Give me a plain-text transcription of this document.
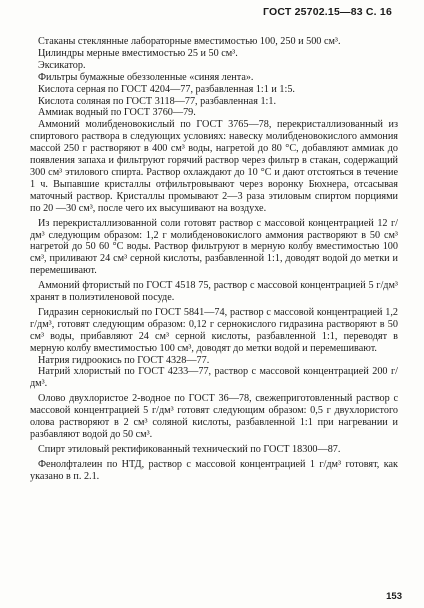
ГОСТ 25702.15—83 С. 16

Стаканы стеклянные лабораторные вместимостью 100, 250 и 500 см³.

Цилиндры мерные вместимостью 25 и 50 см³.

Эксикатор.

Фильтры бумажные обеззоленные «синяя лента».

Кислота серная по ГОСТ 4204—77, разбавленная 1:1 и 1:5.

Кислота соляная по ГОСТ 3118—77, разбавленная 1:1.

Аммиак водный по ГОСТ 3760—79.

Аммоний молибденовокислый по ГОСТ 3765—78, перекристаллизованный из спиртового раствора в следующих условиях: навеску молибденовокислого аммония массой 250 г растворяют в 400 см³ воды, нагретой до 80 °С, добавляют аммиак до появления запаха и фильтруют горячий раствор через фильтр в стакан, содержащий 300 см³ этилового спирта. Раствор охлаждают до 10 °С и дают отстояться в течение 1 ч. Выпавшие кристаллы отфильтровывают через воронку Бюхнера, отсасывая маточный раствор. Кристаллы промывают 2—3 раза этиловым спиртом порциями по 20 —30 см³, после чего их высушивают на воздухе.

Из перекристаллизованной соли готовят раствор с массовой концентрацией 12 г/дм³ следующим образом: 1,2 г молибденовокислого аммония растворяют в 50 см³ нагретой до 50 60 °С воды. Раствор фильтруют в мерную колбу вместимостью 100 см³, приливают 24 см³ серной кислоты, разбавленной 1:1, доводят водой до метки и перемешивают.

Аммоний фтористый по ГОСТ 4518 75, раствор с массовой концентрацией 5 г/дм³ хранят в полиэтиленовой посуде.

Гидразин сернокислый по ГОСТ 5841—74, раствор с массовой концентрацией 1,2 г/дм³, готовят следующим образом: 0,12 г сернокислого гидразина растворяют в 50 см³ воды, прибавляют 24 см³ серной кислоты, разбавленной 1:1, переводят в мерную колбу вместимостью 100 см³, доводят до метки водой и перемешивают.

Натрия гидроокись по ГОСТ 4328—77.

Натрий хлористый по ГОСТ 4233—77, раствор с массовой концентрацией 200 г/дм³.

Олово двухлористое 2-водное по ГОСТ 36—78, свежеприготовленный раствор с массовой концентрацией 5 г/дм³ готовят следующим образом: 0,5 г двухлористого олова растворяют в 2 см³ соляной кислоты, разбавленной 1:1 при нагревании и разбавляют водой до 50 см³.

Спирт этиловый ректификованный технический по ГОСТ 18300—87.

Фенолфталеин по НТД, раствор с массовой концентрацией 1 г/дм³ готовят, как указано в п. 2.1.

153
